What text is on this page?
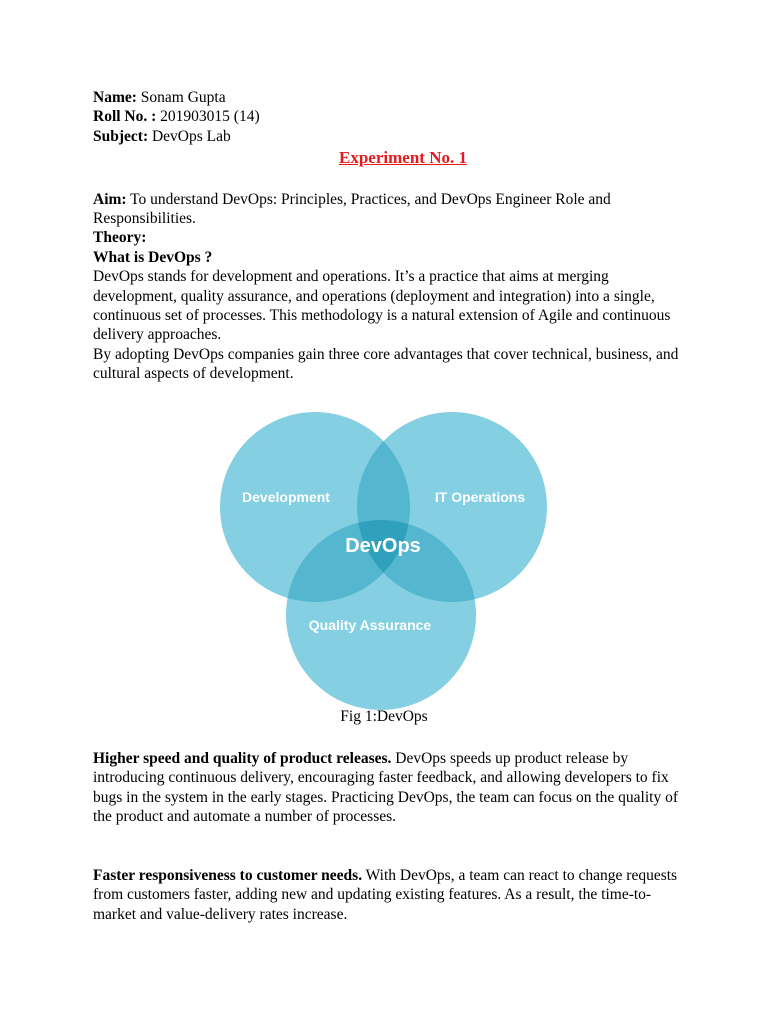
Name: Sonam Gupta
Roll No. : 201903015 (14)
Subject: DevOps Lab
Experiment No. 1

Aim: To understand DevOps: Principles, Practices, and DevOps Engineer Role and Responsibilities.

Theory:
What is DevOps ?

DevOps stands for development and operations. It’s a practice that aims at merging development, quality assurance, and operations (deployment and integration) into a single, continuous set of processes. This methodology is a natural extension of Agile and continuous delivery approaches.

By adopting DevOps companies gain three core advantages that cover technical, business, and cultural aspects of development.

Development	IT Operations
Quality Assurance
DevOps
Fig 1:DevOps
Higher speed and quality of product releases. DevOps speeds up product release by introducing continuous delivery, encouraging faster feedback, and allowing developers to fix bugs in the system in the early stages. Practicing DevOps, the team can focus on the quality of the product and automate a number of processes.
Faster responsiveness to customer needs. With DevOps, a team can react to change requests from customers faster, adding new and updating existing features. As a result, the time-to-market and value-delivery rates increase.
